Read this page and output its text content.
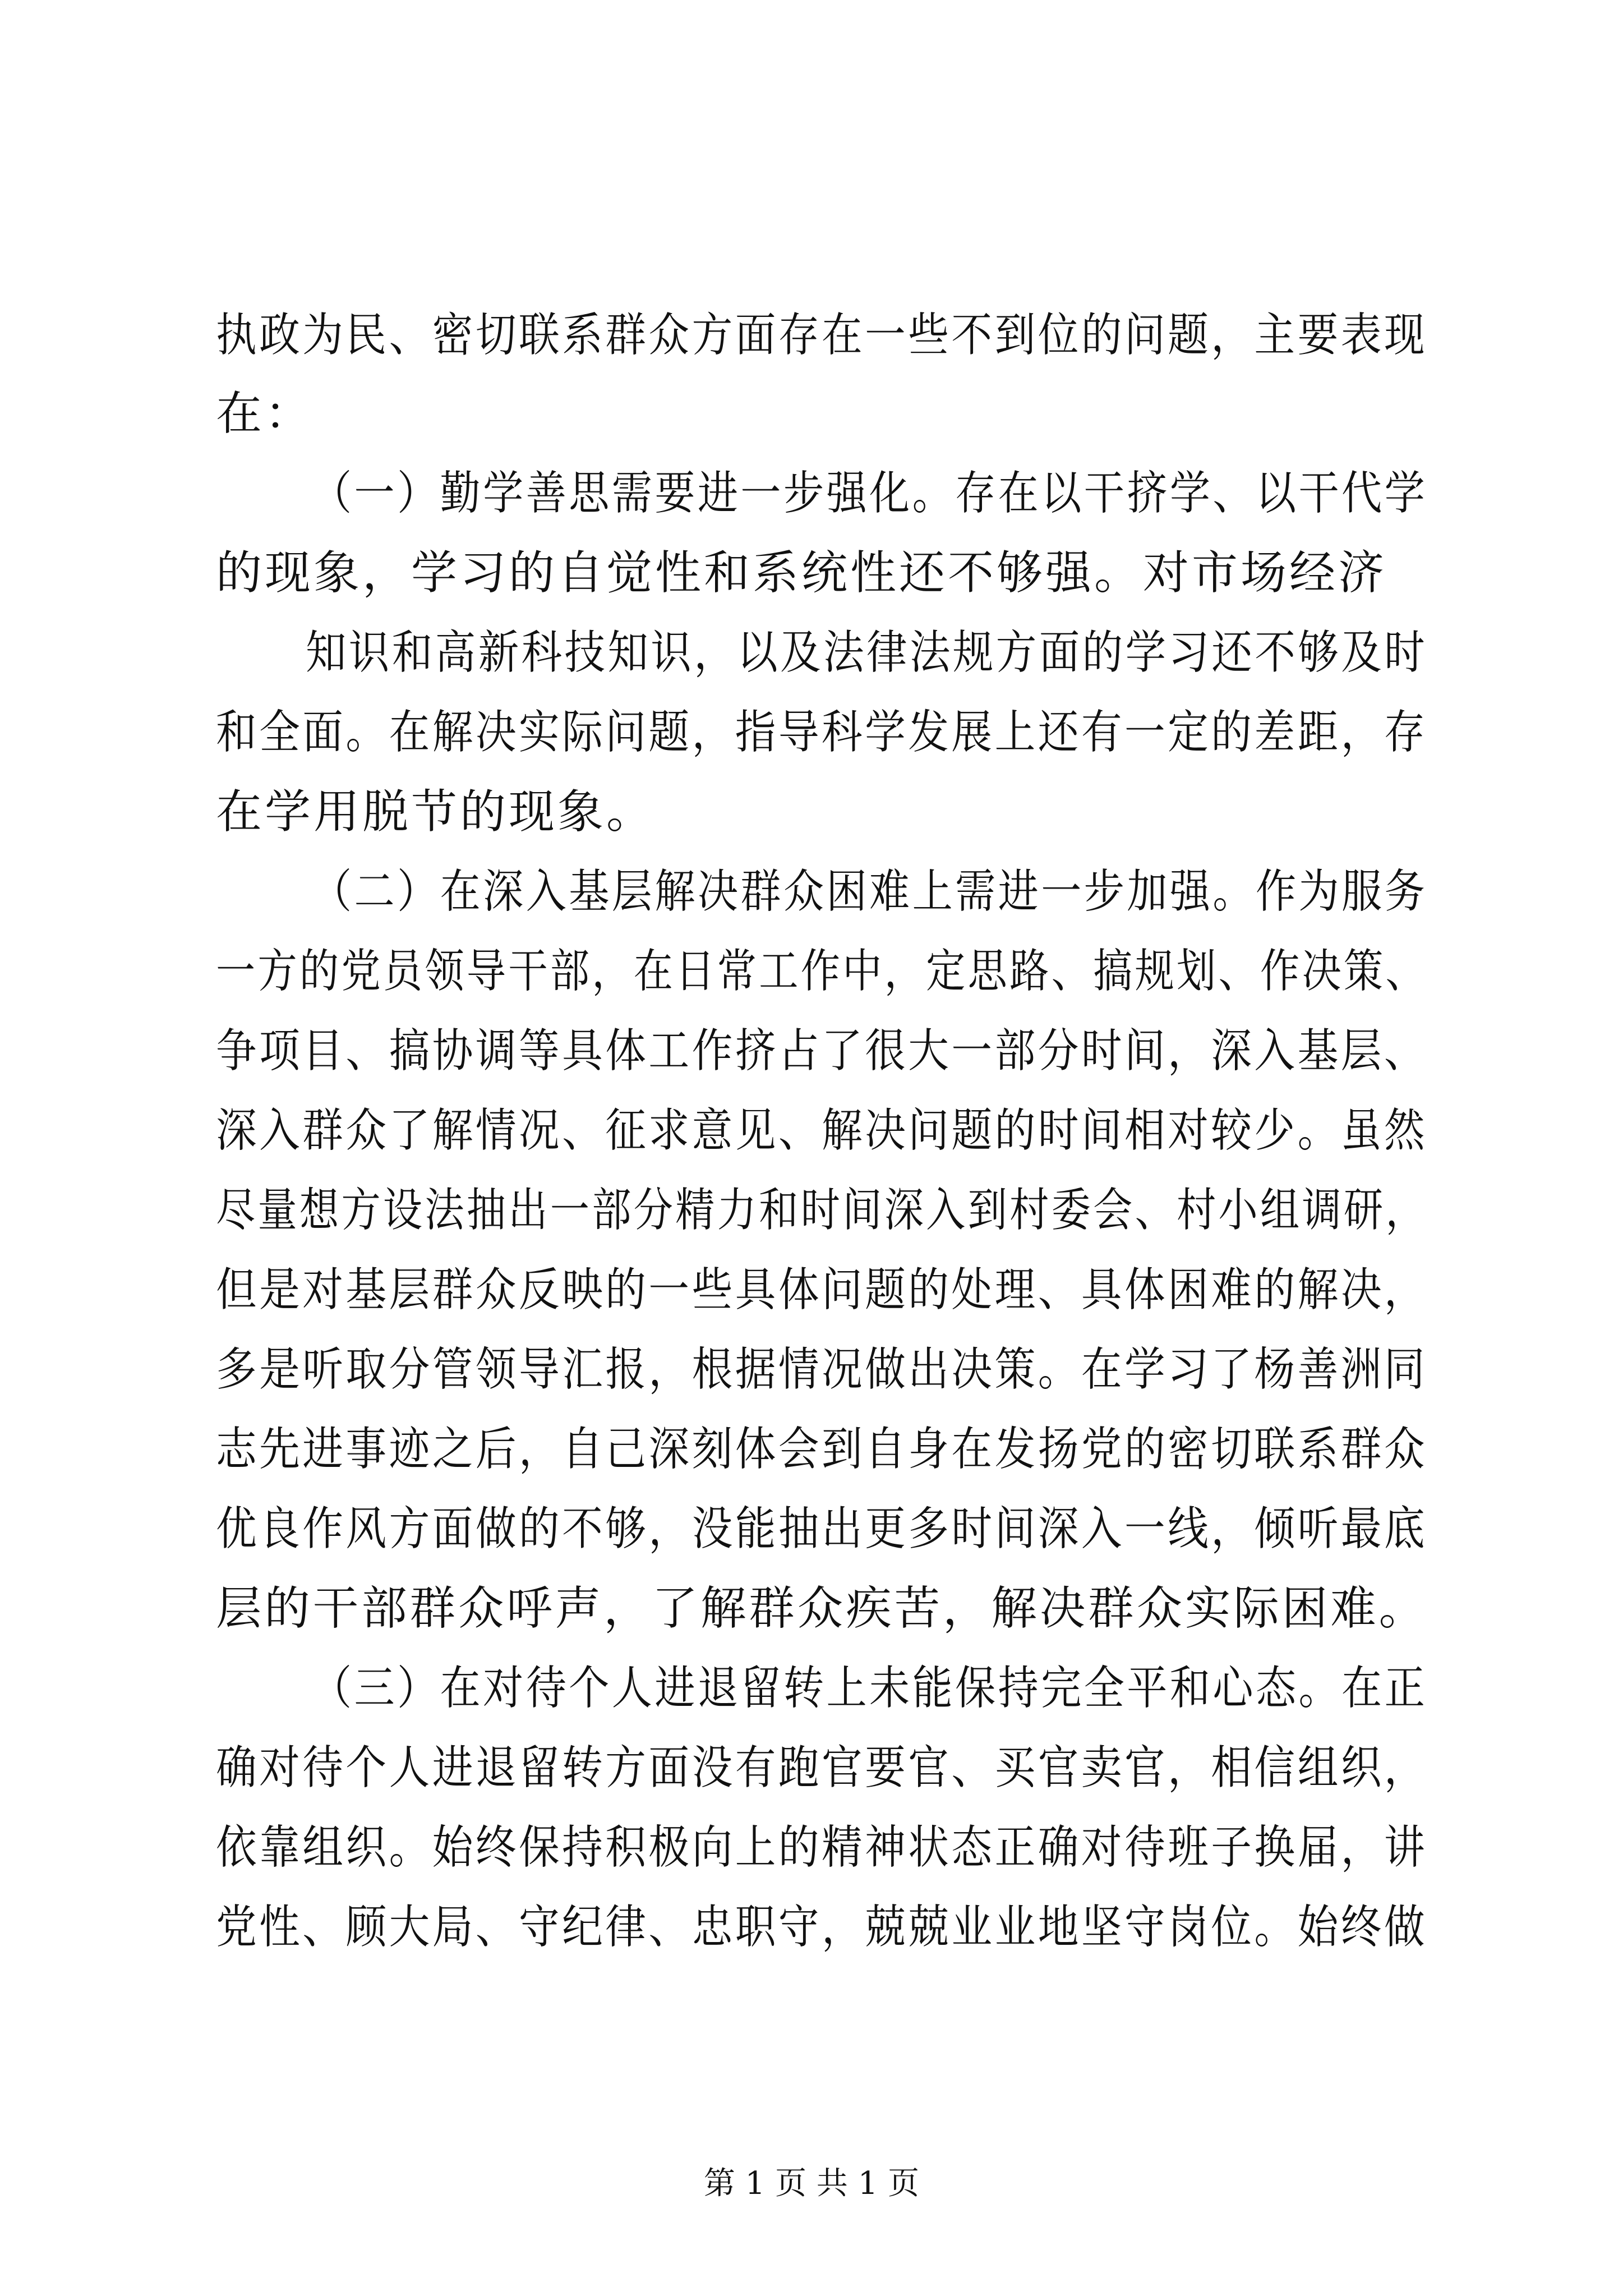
执政为民、密切联系群众方面存在一些不到位的问题，主要表现
在：
（一）勤学善思需要进一步强化。存在以干挤学、以干代学
的现象，学习的自觉性和系统性还不够强。对市场经济
知识和高新科技知识，以及法律法规方面的学习还不够及时
和全面。在解决实际问题，指导科学发展上还有一定的差距，存
在学用脱节的现象。
（二）在深入基层解决群众困难上需进一步加强。作为服务
一方的党员领导干部，在日常工作中，定思路、搞规划、作决策、
争项目、搞协调等具体工作挤占了很大一部分时间，深入基层、
深入群众了解情况、征求意见、解决问题的时间相对较少。虽然
尽量想方设法抽出一部分精力和时间深入到村委会、村小组调研，
但是对基层群众反映的一些具体问题的处理、具体困难的解决，
多是听取分管领导汇报，根据情况做出决策。在学习了杨善洲同
志先进事迹之后，自己深刻体会到自身在发扬党的密切联系群众
优良作风方面做的不够，没能抽出更多时间深入一线，倾听最底
层的干部群众呼声，了解群众疾苦，解决群众实际困难。
（三）在对待个人进退留转上未能保持完全平和心态。在正
确对待个人进退留转方面没有跑官要官、买官卖官，相信组织，
依靠组织。始终保持积极向上的精神状态正确对待班子换届，讲
党性、顾大局、守纪律、忠职守，兢兢业业地坚守岗位。始终做
第 1 页 共 1 页
